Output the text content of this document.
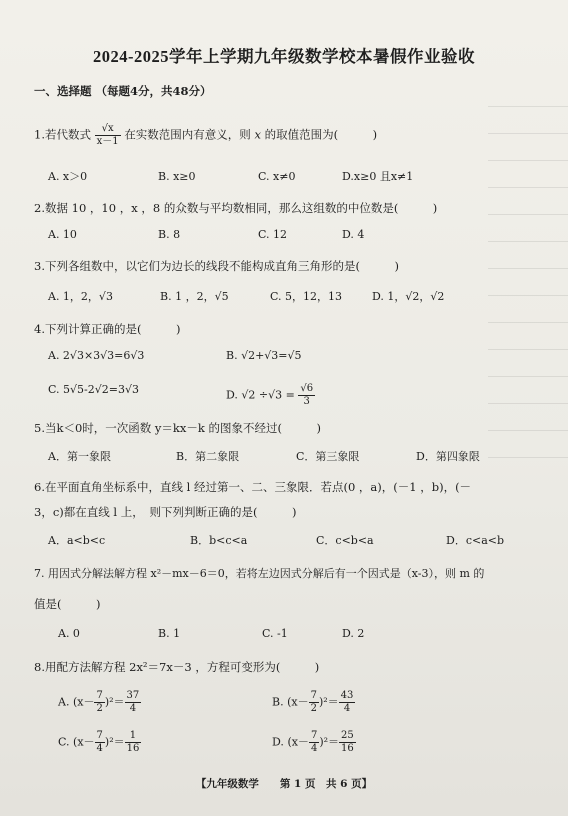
2024-2025学年上学期九年级数学校本暑假作业验收
一、选择题 （每题4分，共48分）
1.若代数式 $\frac{√x}{x-1}$ 在实数范围内有意义，则 x 的取值范围为(　　　)
A. x＞0	B. x≥0	C. x≠0	D.x≥0 且x≠1
2.数据 10 ，10 ，x ，8 的众数与平均数相同，那么这组数的中位数是(　　　)
A. 10	B. 8	C. 12	D. 4
3.下列各组数中，以它们为边长的线段不能构成直角三角形的是(　　　)
A. 1，2，√3	B. 1 ，2，√5	C. 5，12，13	D. 1，√2，√2
4.下列计算正确的是(　　　)
A. 2√3×3√3=6√3	B. √2+√3=√5
C. 5√5-2√2=3√3	D. $√2 \div√3 = \frac{√6}{3}$
5.当k＜0时，一次函数 y＝kx－k 的图象不经过(　　　)
A．第一象限	B．第二象限	C．第三象限	D．第四象限
6.在平面直角坐标系中，直线 l 经过第一、二、三象限．若点(0 ，a)，(－1 ，b)，(－
3，c)都在直线 l 上，　则下列判断正确的是(　　　)
A．a<b<c	B．b<c<a	C．c<b<a	D．c<a<b
7. 用因式分解法解方程 x²－mx－6＝0，若将左边因式分解后有一个因式是（x-3），则 m 的
值是(　　　)
A. 0	B. 1	C. -1	D. 2
8.用配方法解方程 2x²＝7x－3 ，方程可变形为(　　　)
A. $(x- \frac{7}{2} )^2= \frac{37}{4}$	B. $(x- \frac{7}{2} )^2= \frac{43}{4}$
C. $(x- \frac{7}{4} )^2= \frac{1}{16}$	D. $(x- \frac{7}{4} )^2= \frac{25}{16}$
【九年级数学　　第 1 页　共 6 页】
